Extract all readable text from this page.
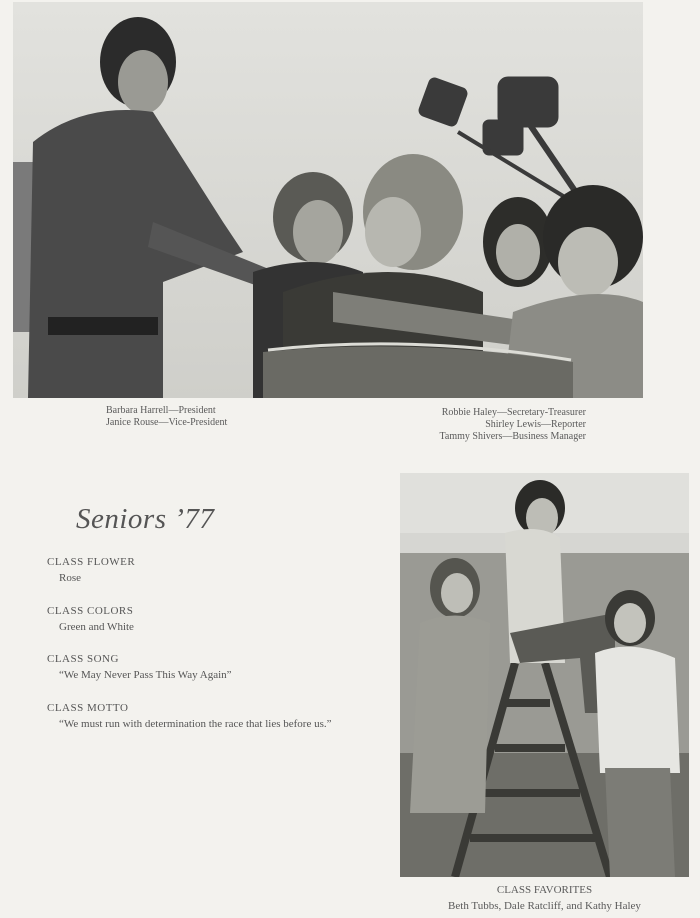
Barbara Harrell—President
Janice Rouse—Vice-President
Robbie Haley—Secretary-Treasurer
Shirley Lewis—Reporter
Tammy Shivers—Business Manager
Seniors ’77
CLASS FLOWER
Rose
CLASS COLORS
Green and White
CLASS SONG
“We May Never Pass This Way Again”
CLASS MOTTO
“We must run with determination the race that lies before us.”
CLASS FAVORITES
Beth Tubbs, Dale Ratcliff, and Kathy Haley
